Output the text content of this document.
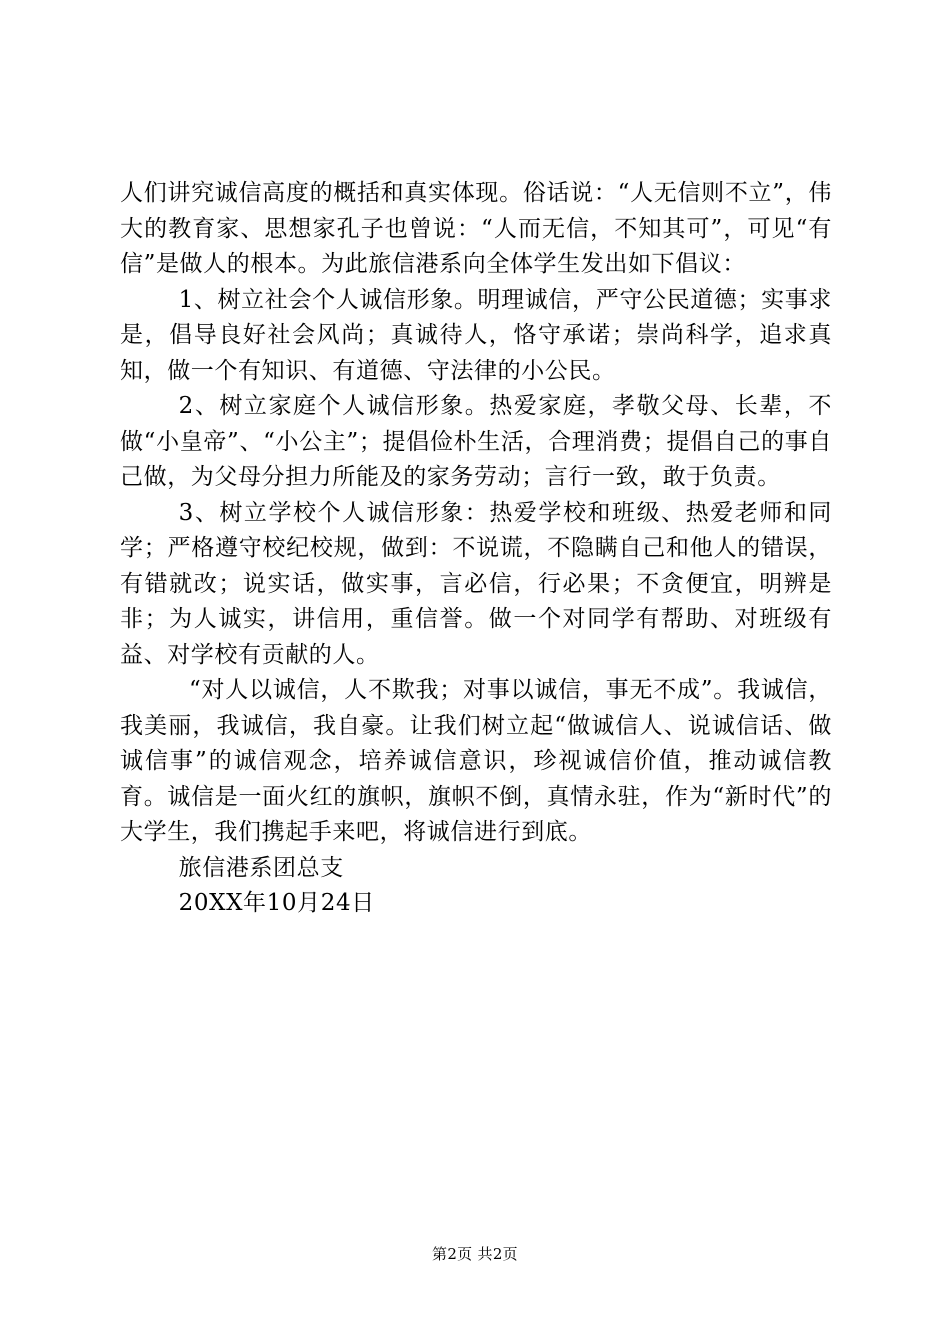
人们讲究诚信高度的概括和真实体现。俗话说：“人无信则不立”，伟大的教育家、思想家孔子也曾说：“人而无信，不知其可”，可见“有信”是做人的根本。为此旅信港系向全体学生发出如下倡议：

1、树立社会个人诚信形象。明理诚信，严守公民道德；实事求是，倡导良好社会风尚；真诚待人，恪守承诺；崇尚科学，追求真知，做一个有知识、有道德、守法律的小公民。

2、树立家庭个人诚信形象。热爱家庭，孝敬父母、长辈，不做“小皇帝”、“小公主”；提倡俭朴生活，合理消费；提倡自己的事自己做，为父母分担力所能及的家务劳动；言行一致，敢于负责。

3、树立学校个人诚信形象：热爱学校和班级、热爱老师和同学；严格遵守校纪校规，做到：不说谎，不隐瞒自己和他人的错误，有错就改；说实话，做实事，言必信，行必果；不贪便宜，明辨是非；为人诚实，讲信用，重信誉。做一个对同学有帮助、对班级有益、对学校有贡献的人。

“对人以诚信，人不欺我；对事以诚信，事无不成”。我诚信，我美丽，我诚信，我自豪。让我们树立起“做诚信人、说诚信话、做诚信事”的诚信观念，培养诚信意识，珍视诚信价值，推动诚信教育。诚信是一面火红的旗帜，旗帜不倒，真情永驻，作为“新时代”的大学生，我们携起手来吧，将诚信进行到底。

旅信港系团总支

20XX年10月24日

第2页 共2页
